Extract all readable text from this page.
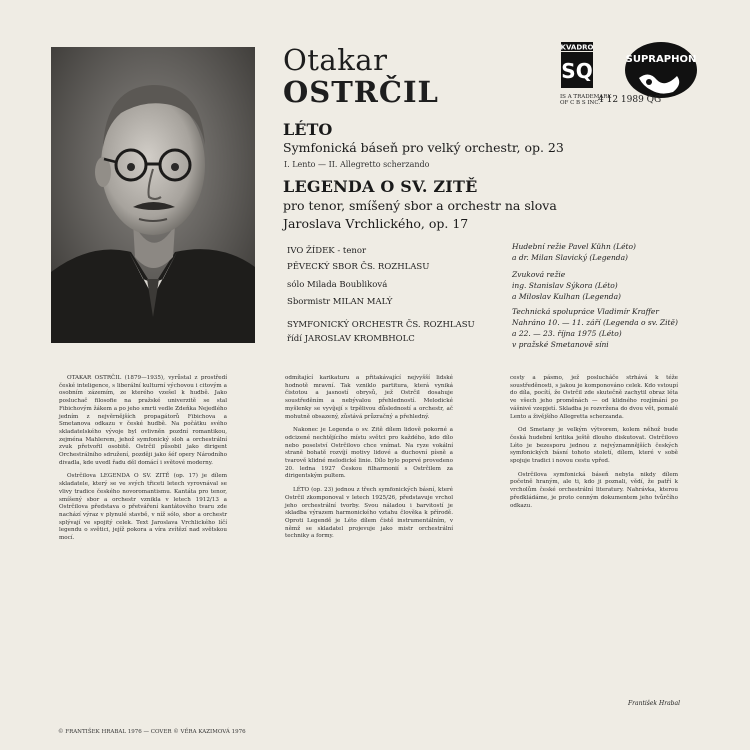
Otakar
OSTRČIL
KVADRO
SQ	SUPRAPHON
IS A TRADEMARK
OF C B S INC.
4 12 1989 QG
LÉTO
Symfonická báseň pro velký orchestr, op. 23
I. Lento — II. Allegretto scherzando
LEGENDA O SV. ZITĚ
pro tenor, smíšený sbor a orchestr na slova
Jaroslava Vrchlického, op. 17
IVO ŽÍDEK - tenor
PĚVECKÝ SBOR ČS. ROZHLASU
sólo Milada Boubliková
Sbormistr MILAN MALÝ
SYMFONICKÝ ORCHESTR ČS. ROZHLASU
řídí JAROSLAV KROMBHOLC
Hudební režie Pavel Kühn (Léto)
a dr. Milan Slavický (Legenda)
Zvuková režie
ing. Stanislav Sýkora (Léto)
a Miloslav Kulhan (Legenda)
Technická spolupráce Vladimír Kraffer
Nahráno 10. — 11. září (Legenda o sv. Zitě)
a 22. — 23. října 1975 (Léto)
v pražské Smetanově síni

OTAKAR OSTRČIL (1879—1935), vyrůstal z prostředí české inteligence, s liberální kulturní výchovou i citovým a osobním zázemím, ze kterého vzešel k hudbě. Jako posluchač filosofie na pražské univerzitě se stal Fibichovým žákem a po jeho smrti vedle Zdeňka Nejedlého jedním z nejvěrnějších propagátorů Fibichova a Smetanova odkazu v české hudbě. Na počátku svého skladatelského vývoje byl ovlivněn pozdní romantikou, zejména Mahlerem, jehož symfonický sloh a orchestrální zvuk přetvořil osobitě. Ostrčil působil jako dirigent Orchestrálního sdružení, později jako šéf opery Národního divadla, kde uvedl řadu děl domácí i světové moderny.

Ostrčilova LEGENDA O SV. ZITĚ (op. 17) je dílem skladatele, který se ve svých třiceti letech vyrovnával se vlivy tradice českého novoromantismu. Kantáta pro tenor, smíšený sbor a orchestr vznikla v letech 1912/13 a Ostrčilova představa o přetváření kantátového tvaru zde nachází výraz v plynulé stavbě, v níž sólo, sbor a orchestr splývají ve spojitý celek. Text Jaroslava Vrchlického líčí legendu o světici, jejíž pokora a víra zvítězí nad světskou mocí.

odmítající karikaturu a přitakávající nejvyšší lidské hodnotě mravní. Tak vzniklo partitura, která vyniká čistotou a jasností obrysů, jež Ostrčil dosahuje soustředěním a nebývalou přehledností. Melodické myšlenky se vyvíjejí s trpělivou důsledností a orchestr, ač mohutně obsazený, zůstává průzračný a přehledný.

Nakonec je Legenda o sv. Zitě dílem lidově pokorné a odcizené nechtějícího místu světci pro každého, kdo dílo nebo poselství Ostrčilovo chce vnímat. Na ryze vokální straně bohatě rozvíjí motivy lidové a duchovní písně a tvarově klidné melodické linie. Dílo bylo poprvé provedeno 20. ledna 1927 Českou filharmonií s Ostrčilem za dirigentským pultem.

LÉTO (op. 23) jednou z třech symfonických básní, které Ostrčil zkomponoval v letech 1925/26, představuje vrchol jeho orchestrální tvorby. Svou náladou i barvitostí je skladba výrazem harmonického vztahu člověka k přírodě. Oproti Legendě je Léto dílem čistě instrumentálním, v němž se skladatel projevuje jako mistr orchestrální techniky a formy.

cesty a pásmo, jež poslucháče strhává k téže soustředěnosti, s jakou je komponováno celek. Kdo vstoupí do díla, pocítí, že Ostrčil zde skutečně zachytil obraz léta ve všech jeho proměnách — od klidného rozjímání po vášnivé vzepjetí. Skladba je rozvržena do dvou vět, pomalé Lento a živějšího Allegretta scherzanda.

Od Smetany je velkým výtvorem, kolem něhož bude česká hudební kritika ještě dlouho diskutovat. Ostrčilovo Léto je bezesporu jednou z nejvýznamnějších českých symfonických básní tohoto století, dílem, které v sobě spojuje tradici i novou cestu vpřed.

Ostrčilova symfonická báseň nebyla nikdy dílem početně hraným, ale ti, kdo ji poznali, vědí, že patří k vrcholům české orchestrální literatury. Nahrávka, kterou předkládáme, je proto cenným dokumentem jeho tvůrčího odkazu.

František Hrabal
© FRANTIŠEK HRABAL 1976 — COVER © VĚRA KAZIMOVÁ 1976
